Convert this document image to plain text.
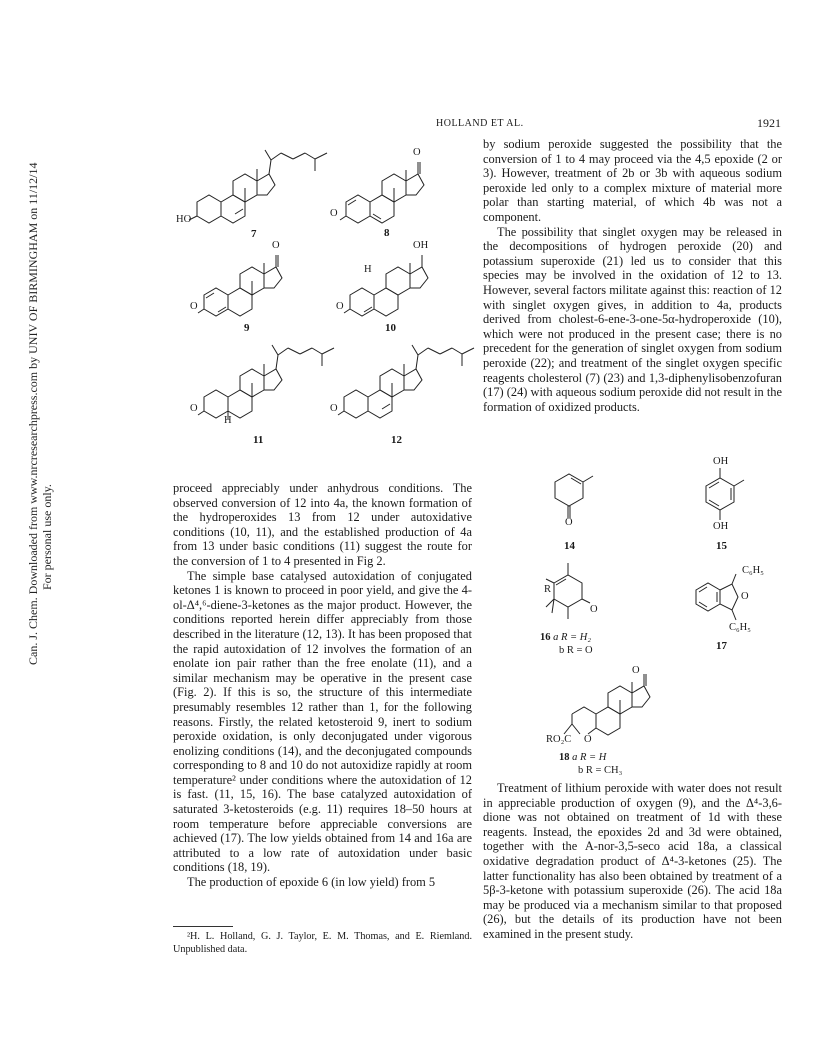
Can. J. Chem. Downloaded from www.nrcresearchpress.com by UNIV OF BIRMINGHAM on 11/12/14 For personal use only.
HOLLAND ET AL.	1921
HO
7
O
O
8
O
O
9
OH
H
O
10
O
H
11
O
12

proceed appreciably under anhydrous conditions. The observed conversion of 12 into 4a, the known formation of the hydroperoxides 13 from 12 under autoxidative conditions (10, 11), and the established production of 4a from 13 under basic conditions (11) suggest the route for the conversion of 1 to 4 presented in Fig 2.

The simple base catalysed autoxidation of conjugated ketones 1 is known to proceed in poor yield, and give the 4-ol-Δ⁴,⁶-diene-3-ketones as the major product. However, the conditions reported herein differ appreciably from those described in the literature (12, 13). It has been proposed that the rapid autoxidation of 12 involves the formation of an enolate ion pair rather than the free enolate (11), and a similar mechanism may be operative in the present case (Fig. 2). If this is so, the structure of this intermediate presumably resembles 12 rather than 1, for the following reasons. Firstly, the related ketosteroid 9, inert to sodium peroxide oxidation, is only deconjugated under vigorous enolizing conditions (14), and the deconjugated compounds corresponding to 8 and 10 do not autoxidize rapidly at room temperature² under conditions where the autoxidation of 12 is fast. (11, 15, 16). The base catalyzed autoxidation of saturated 3-ketosteroids (e.g. 11) requires 18–50 hours at room temperature before appreciable conversions are achieved (17). The low yields obtained from 14 and 16a are attributed to a low rate of autoxidation under basic conditions (18, 19).

The production of epoxide 6 (in low yield) from 5

²H. L. Holland, G. J. Taylor, E. M. Thomas, and E. Riemland. Unpublished data.

by sodium peroxide suggested the possibility that the conversion of 1 to 4 may proceed via the 4,5 epoxide (2 or 3). However, treatment of 2b or 3b with aqueous sodium peroxide led only to a complex mixture of material more polar than starting material, of which 4b was not a component.

The possibility that singlet oxygen may be released in the decompositions of hydrogen peroxide (20) and potassium superoxide (21) led us to consider that this species may be involved in the oxidation of 12 to 13. However, several factors militate against this: reaction of 12 with singlet oxygen gives, in addition to 4a, products derived from cholest-6-ene-3-one-5α-hydroperoxide (10), which were not produced in the present case; there is no precedent for the generation of singlet oxygen from sodium peroxide (22); and treatment of the singlet oxygen specific reagents cholesterol (7) (23) and 1,3-diphenylisobenzofuran (17) (24) with aqueous sodium peroxide did not result in the formation of oxidized products.

O
14
OH
OH
15
R
O
16 a R = H₂
b R = O
C₆H₅
O
C₆H₅
17
O
RO₂C O
18 a R = H
b R = CH₃

Treatment of lithium peroxide with water does not result in appreciable production of oxygen (9), and the Δ⁴-3,6-dione was not obtained on treatment of 1d with these reagents. Instead, the epoxides 2d and 3d were obtained, together with the A-nor-3,5-seco acid 18a, a classical oxidative degradation product of Δ⁴-3-ketones (25). The latter functionality has also been obtained by treatment of a 5β-3-ketone with potassium superoxide (26). The acid 18a may be produced via a mechanism similar to that proposed (26), but the details of its production have not been examined in the present study.
